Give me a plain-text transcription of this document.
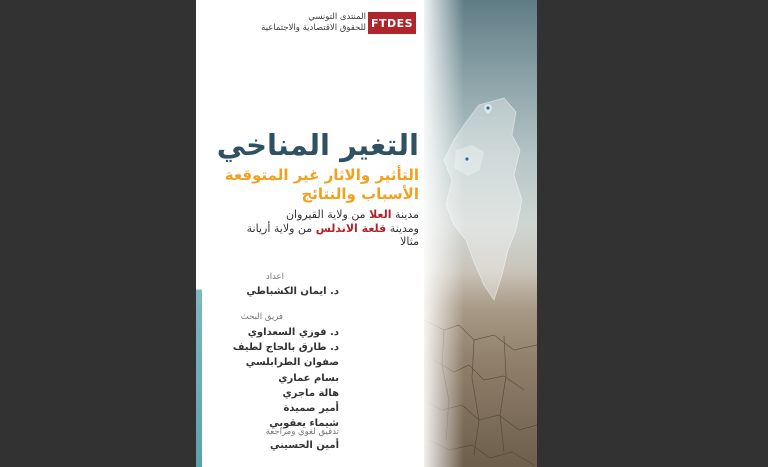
FTDES
المنتدى التونسي
للحقوق الاقتصادية والاجتماعية
التغير المناخي
التأثير والاثار غير المتوقعة
الأسباب والنتائج
مدينة العلا من ولاية القيروان
ومدينة قلعة الاندلس من ولاية أريانة
مثالا
اعداد
د. ايمان الكشباطي
فريق البحث
د. فوزي السعداوي
د. طارق بالحاج لطيف
صفوان الطرابلسي
بسام عماري
هالة ماجري
أمير صميدة
شيماء يعقوبي
تدقيق لغوي ومراجعة
أمين الحسيني
